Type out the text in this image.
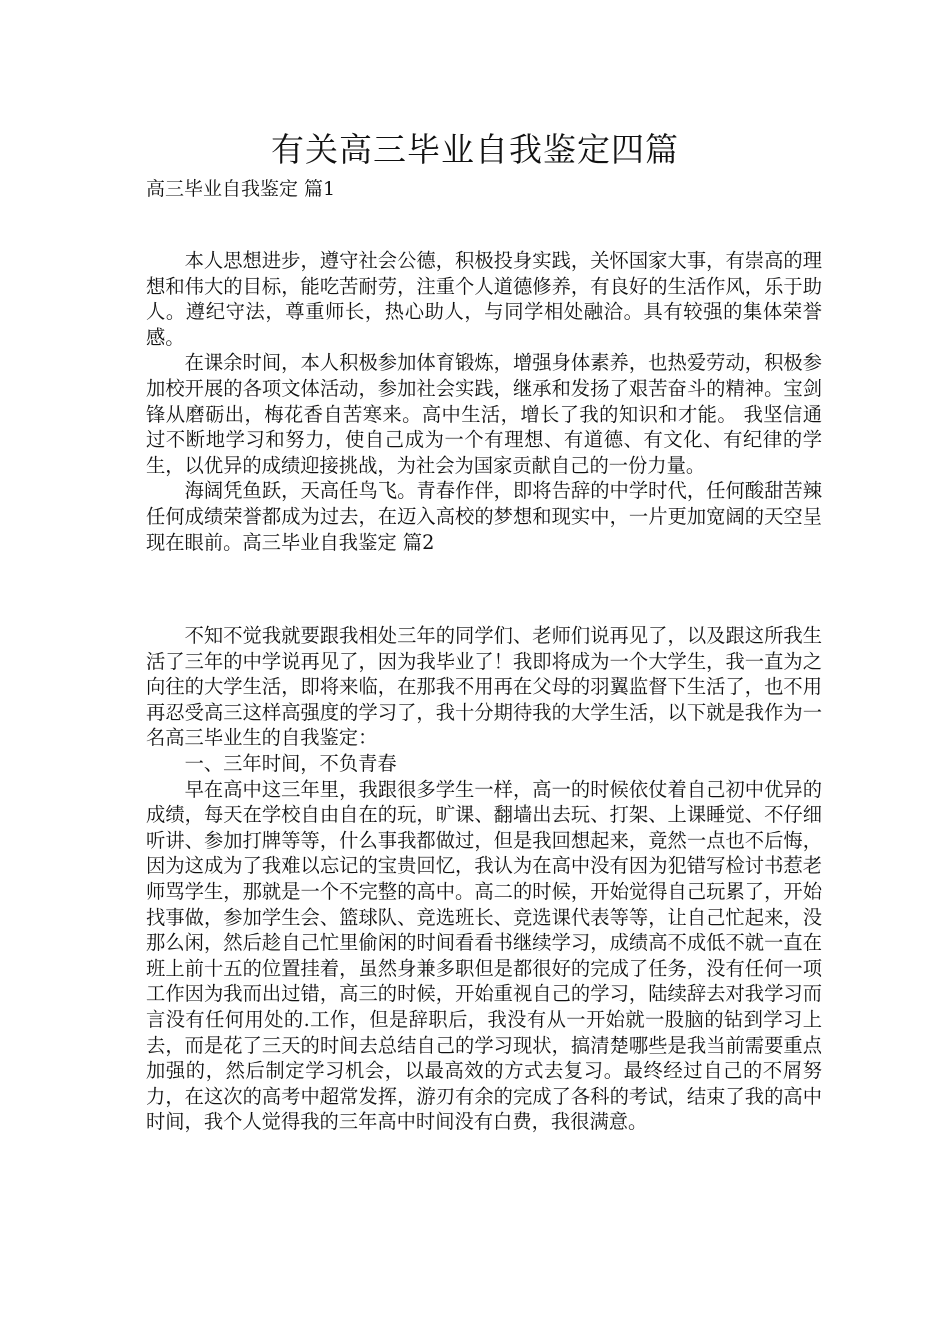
有关高三毕业自我鉴定四篇
高三毕业自我鉴定 篇1

本人思想进步，遵守社会公德，积极投身实践，关怀国家大事，有崇高的理想和伟大的目标，能吃苦耐劳，注重个人道德修养，有良好的生活作风，乐于助人。遵纪守法，尊重师长，热心助人，与同学相处融洽。具有较强的集体荣誉感。

在课余时间，本人积极参加体育锻炼，增强身体素养，也热爱劳动，积极参加校开展的各项文体活动，参加社会实践，继承和发扬了艰苦奋斗的精神。宝剑锋从磨砺出，梅花香自苦寒来。高中生活，增长了我的知识和才能。 我坚信通过不断地学习和努力，使自己成为一个有理想、有道德、有文化、有纪律的学生，以优异的成绩迎接挑战，为社会为国家贡献自己的一份力量。

海阔凭鱼跃，天高任鸟飞。青春作伴，即将告辞的中学时代，任何酸甜苦辣任何成绩荣誉都成为过去，在迈入高校的梦想和现实中，一片更加宽阔的天空呈现在眼前。高三毕业自我鉴定 篇2

不知不觉我就要跟我相处三年的同学们、老师们说再见了，以及跟这所我生活了三年的中学说再见了，因为我毕业了！我即将成为一个大学生，我一直为之向往的大学生活，即将来临，在那我不用再在父母的羽翼监督下生活了，也不用再忍受高三这样高强度的学习了，我十分期待我的大学生活，以下就是我作为一名高三毕业生的自我鉴定：

一、三年时间，不负青春

早在高中这三年里，我跟很多学生一样，高一的时候依仗着自己初中优异的成绩，每天在学校自由自在的玩，旷课、翻墙出去玩、打架、上课睡觉、不仔细听讲、参加打牌等等，什么事我都做过，但是我回想起来，竟然一点也不后悔，因为这成为了我难以忘记的宝贵回忆，我认为在高中没有因为犯错写检讨书惹老师骂学生，那就是一个不完整的高中。高二的时候，开始觉得自己玩累了，开始找事做，参加学生会、篮球队、竞选班长、竞选课代表等等，让自己忙起来，没那么闲，然后趁自己忙里偷闲的时间看看书继续学习，成绩高不成低不就一直在班上前十五的位置挂着，虽然身兼多职但是都很好的完成了任务，没有任何一项工作因为我而出过错，高三的时候，开始重视自己的学习，陆续辞去对我学习而言没有任何用处的.工作，但是辞职后，我没有从一开始就一股脑的钻到学习上去，而是花了三天的时间去总结自己的学习现状，搞清楚哪些是我当前需要重点加强的，然后制定学习机会，以最高效的方式去复习。最终经过自己的不屑努力，在这次的高考中超常发挥，游刃有余的完成了各科的考试，结束了我的高中时间，我个人觉得我的三年高中时间没有白费，我很满意。
